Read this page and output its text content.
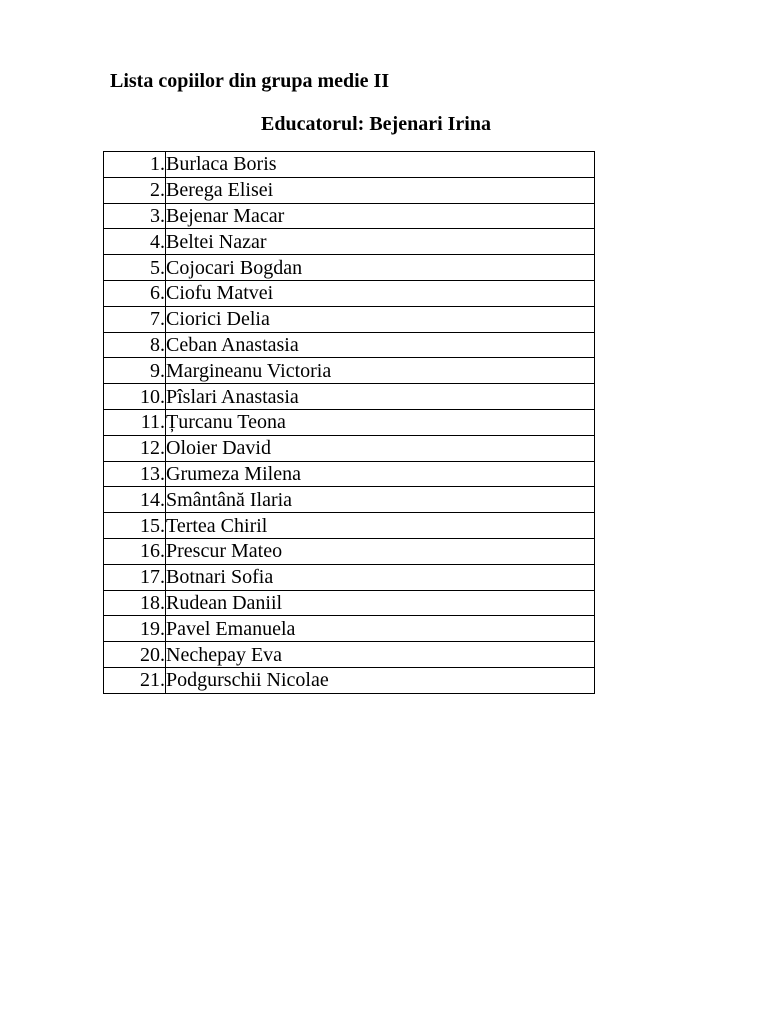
Lista copiilor din grupa medie II
Educatorul: Bejenari Irina
1.	Burlaca Boris
2.	Berega Elisei
3.	Bejenar Macar
4.	Beltei Nazar
5.	Cojocari Bogdan
6.	Ciofu Matvei
7.	Ciorici Delia
8.	Ceban Anastasia
9.	Margineanu Victoria
10.	Pîslari Anastasia
11.	Țurcanu Teona
12.	Oloier David
13.	Grumeza Milena
14.	Smântână Ilaria
15.	Tertea Chiril
16.	Prescur Mateo
17.	Botnari Sofia
18.	Rudean Daniil
19.	Pavel Emanuela
20.	Nechepay Eva
21.	Podgurschii Nicolae
